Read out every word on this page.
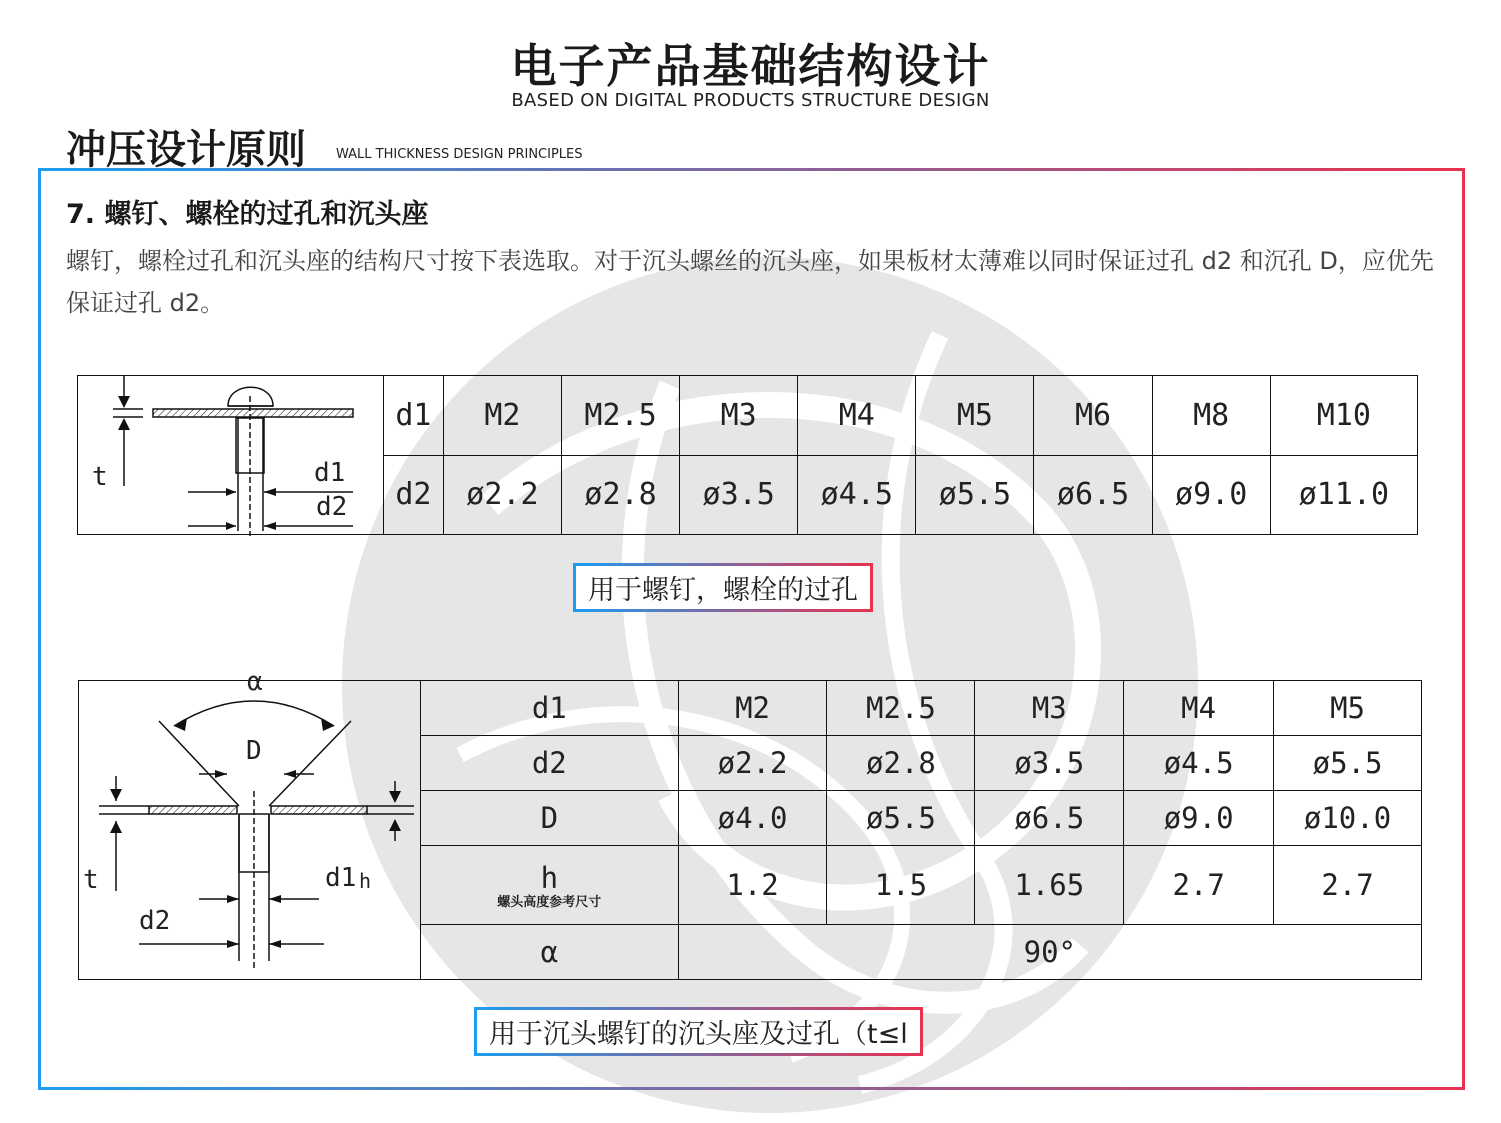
电子产品基础结构设计
BASED ON DIGITAL PRODUCTS STRUCTURE DESIGN
冲压设计原则 WALL THICKNESS DESIGN PRINCIPLES
7. 螺钉、螺栓的过孔和沉头座
螺钉，螺栓过孔和沉头座的结构尺寸按下表选取。对于沉头螺丝的沉头座，如果板材太薄难以同时保证过孔 d2 和沉孔 D，应优先保证过孔 d2。
t	d1
d2
d1	M2	M2.5	M3	M4	M5	M6	M8	M10
d2	ø2.2	ø2.8	ø3.5	ø4.5	ø5.5	ø6.5	ø9.0	ø11.0
用于螺钉，螺栓的过孔
α
D
t	d1 h
d2
d1	M2	M2.5	M3	M4	M5
d2	ø2.2	ø2.8	ø3.5	ø4.5	ø5.5
D	ø4.0	ø5.5	ø6.5	ø9.0	ø10.0
h
螺头高度参考尺寸	1.2	1.5	1.65	2.7	2.7
α	90°				
用于沉头螺钉的沉头座及过孔（t≤l
